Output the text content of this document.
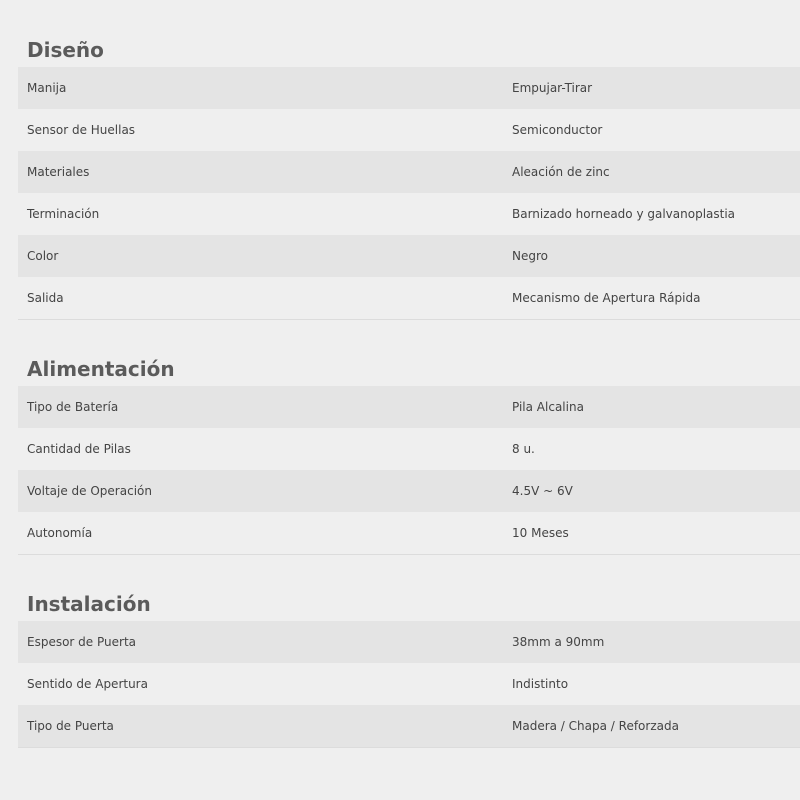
Diseño
Manija	Empujar-Tirar
Sensor de Huellas	Semiconductor
Materiales	Aleación de zinc
Terminación	Barnizado horneado y galvanoplastia
Color	Negro
Salida	Mecanismo de Apertura Rápida
Alimentación
Tipo de Batería	Pila Alcalina
Cantidad de Pilas	8 u.
Voltaje de Operación	4.5V ~ 6V
Autonomía	10 Meses
Instalación
Espesor de Puerta	38mm a 90mm
Sentido de Apertura	Indistinto
Tipo de Puerta	Madera / Chapa / Reforzada
